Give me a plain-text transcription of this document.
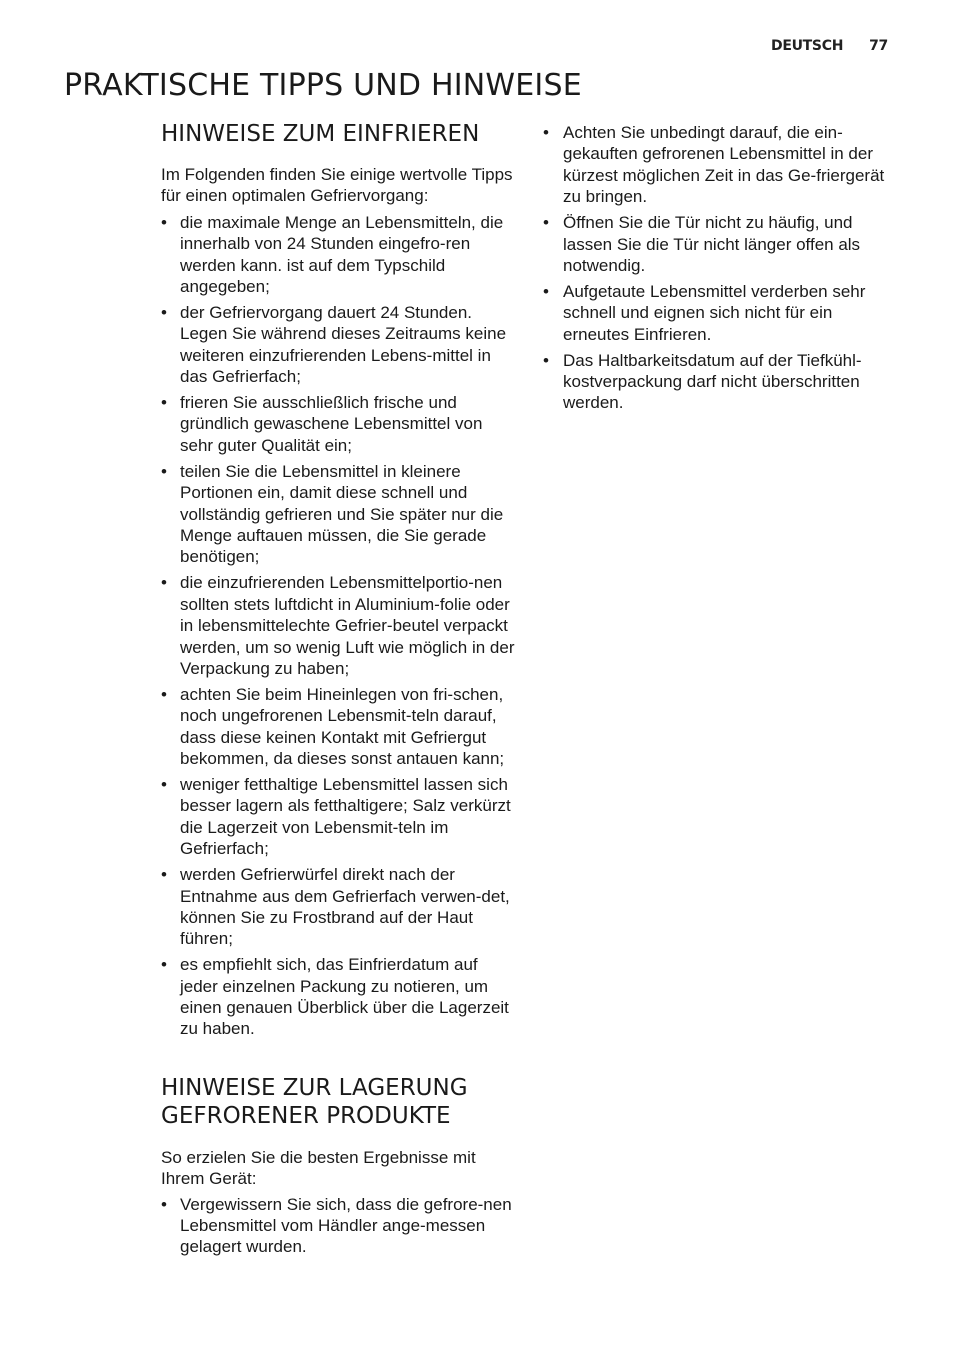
DEUTSCH 77
PRAKTISCHE TIPPS UND HINWEISE
HINWEISE ZUM EINFRIEREN

Im Folgenden finden Sie einige wertvolle Tipps für einen optimalen Gefriervorgang:

• die maximale Menge an Lebensmitteln, die innerhalb von 24 Stunden eingefro-ren werden kann. ist auf dem Typschild angegeben;
• der Gefriervorgang dauert 24 Stunden. Legen Sie während dieses Zeitraums keine weiteren einzufrierenden Lebens-mittel in das Gefrierfach;
• frieren Sie ausschließlich frische und gründlich gewaschene Lebensmittel von sehr guter Qualität ein;
• teilen Sie die Lebensmittel in kleinere Portionen ein, damit diese schnell und vollständig gefrieren und Sie später nur die Menge auftauen müssen, die Sie gerade benötigen;
• die einzufrierenden Lebensmittelportio-nen sollten stets luftdicht in Aluminium-folie oder in lebensmittelechte Gefrier-beutel verpackt werden, um so wenig Luft wie möglich in der Verpackung zu haben;
• achten Sie beim Hineinlegen von fri-schen, noch ungefrorenen Lebensmit-teln darauf, dass diese keinen Kontakt mit Gefriergut bekommen, da dieses sonst antauen kann;
• weniger fetthaltige Lebensmittel lassen sich besser lagern als fetthaltigere; Salz verkürzt die Lagerzeit von Lebensmit-teln im Gefrierfach;
• werden Gefrierwürfel direkt nach der Entnahme aus dem Gefrierfach verwen-det, können Sie zu Frostbrand auf der Haut führen;
• es empfiehlt sich, das Einfrierdatum auf jeder einzelnen Packung zu notieren, um einen genauen Überblick über die Lagerzeit zu haben.
HINWEISE ZUR LAGERUNG
GEFRORENER PRODUKTE

So erzielen Sie die besten Ergebnisse mit Ihrem Gerät:

• Vergewissern Sie sich, dass die gefrore-nen Lebensmittel vom Händler ange-messen gelagert wurden.
• Achten Sie unbedingt darauf, die ein-gekauften gefrorenen Lebensmittel in der kürzest möglichen Zeit in das Ge-friergerät zu bringen.
• Öffnen Sie die Tür nicht zu häufig, und lassen Sie die Tür nicht länger offen als notwendig.
• Aufgetaute Lebensmittel verderben sehr schnell und eignen sich nicht für ein erneutes Einfrieren.
• Das Haltbarkeitsdatum auf der Tiefkühl-kostverpackung darf nicht überschritten werden.
